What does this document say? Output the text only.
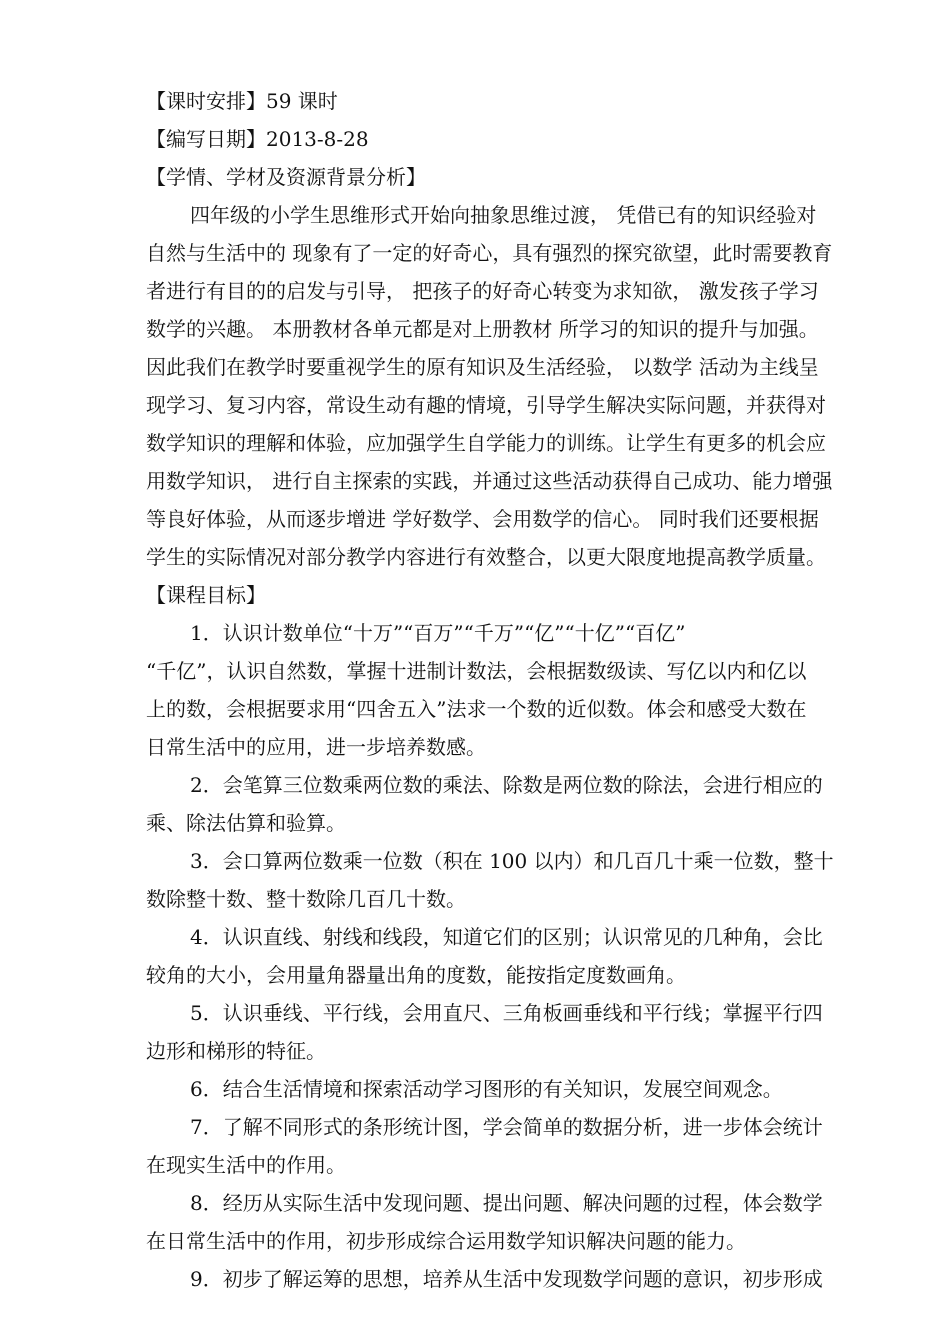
【课时安排】59 课时
【编写日期】2013-8-28
【学情、学材及资源背景分析】
四年级的小学生思维形式开始向抽象思维过渡， 凭借已有的知识经验对
自然与生活中的 现象有了一定的好奇心，具有强烈的探究欲望，此时需要教育
者进行有目的的启发与引导， 把孩子的好奇心转变为求知欲， 激发孩子学习
数学的兴趣。 本册教材各单元都是对上册教材 所学习的知识的提升与加强。
因此我们在教学时要重视学生的原有知识及生活经验， 以数学 活动为主线呈
现学习、复习内容，常设生动有趣的情境，引导学生解决实际问题，并获得对
数学知识的理解和体验，应加强学生自学能力的训练。让学生有更多的机会应
用数学知识， 进行自主探索的实践，并通过这些活动获得自己成功、能力增强
等良好体验，从而逐步增进 学好数学、会用数学的信心。 同时我们还要根据
学生的实际情况对部分教学内容进行有效整合，以更大限度地提高教学质量。
【课程目标】
1．认识计数单位“十万”“百万”“千万”“亿”“十亿”“百亿”
“千亿”，认识自然数，掌握十进制计数法，会根据数级读、写亿以内和亿以
上的数，会根据要求用“四舍五入”法求一个数的近似数。体会和感受大数在
日常生活中的应用，进一步培养数感。
2．会笔算三位数乘两位数的乘法、除数是两位数的除法，会进行相应的
乘、除法估算和验算。
3．会口算两位数乘一位数（积在 100 以内）和几百几十乘一位数，整十
数除整十数、整十数除几百几十数。
4．认识直线、射线和线段，知道它们的区别；认识常见的几种角，会比
较角的大小，会用量角器量出角的度数，能按指定度数画角。
5．认识垂线、平行线，会用直尺、三角板画垂线和平行线；掌握平行四
边形和梯形的特征。
6．结合生活情境和探索活动学习图形的有关知识，发展空间观念。
7．了解不同形式的条形统计图，学会简单的数据分析，进一步体会统计
在现实生活中的作用。
8．经历从实际生活中发现问题、提出问题、解决问题的过程，体会数学
在日常生活中的作用，初步形成综合运用数学知识解决问题的能力。
9．初步了解运筹的思想，培养从生活中发现数学问题的意识，初步形成
